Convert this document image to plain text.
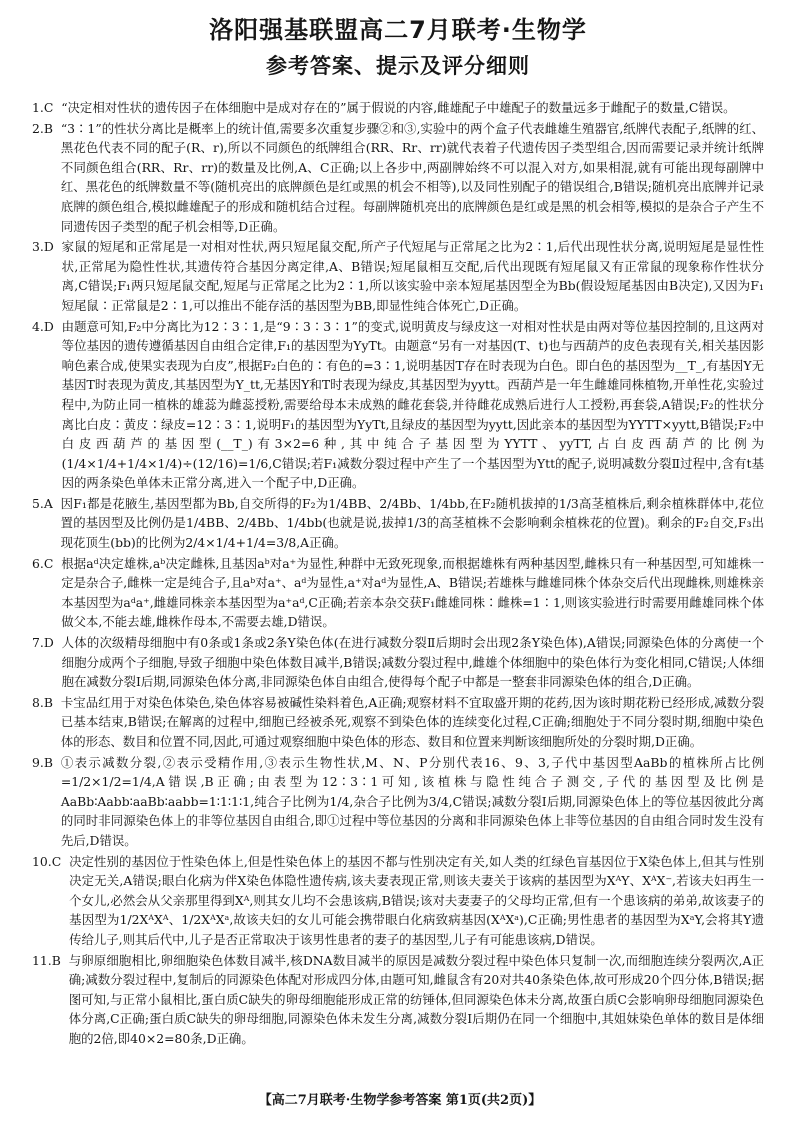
洛阳强基联盟高二7月联考·生物学
参考答案、提示及评分细则
1.C
“决定相对性状的遗传因子在体细胞中是成对存在的”属于假说的内容,雌雄配子中雄配子的数量远多于雌配子的数量,C错误。
2.B
“3∶1”的性状分离比是概率上的统计值,需要多次重复步骤②和③,实验中的两个盒子代表雌雄生殖器官,纸牌代表配子,纸牌的红、黑花色代表不同的配子(R、r),所以不同颜色的纸牌组合(RR、Rr、rr)就代表着子代遗传因子类型组合,因而需要记录并统计纸牌不同颜色组合(RR、Rr、rr)的数量及比例,A、C正确;以上各步中,两副牌始终不可以混入对方,如果相混,就有可能出现每副牌中红、黑花色的纸牌数量不等(随机亮出的底牌颜色是红或黑的机会不相等),以及同性别配子的错误组合,B错误;随机亮出底牌并记录底牌的颜色组合,模拟雌雄配子的形成和随机结合过程。每副牌随机亮出的底牌颜色是红或是黑的机会相等,模拟的是杂合子产生不同遗传因子类型的配子机会相等,D正确。
3.D
家鼠的短尾和正常尾是一对相对性状,两只短尾鼠交配,所产子代短尾与正常尾之比为2∶1,后代出现性状分离,说明短尾是显性性状,正常尾为隐性性状,其遗传符合基因分离定律,A、B错误;短尾鼠相互交配,后代出现既有短尾鼠又有正常鼠的现象称作性状分离,C错误;F₁两只短尾鼠交配,短尾与正常尾之比为2∶1,所以该实验中亲本短尾基因型全为Bb(假设短尾基因由B决定),又因为F₁短尾鼠∶正常鼠是2∶1,可以推出不能存活的基因型为BB,即显性纯合体死亡,D正确。
4.D
由题意可知,F₂中分离比为12∶3∶1,是“9∶3∶3∶1”的变式,说明黄皮与绿皮这一对相对性状是由两对等位基因控制的,且这两对等位基因的遗传遵循基因自由组合定律,F₁的基因型为YyTt。由题意“另有一对基因(T、t)也与西葫芦的皮色表现有关,相关基因影响色素合成,使果实表现为白皮”,根据F₂白色的∶有色的=3∶1,说明基因T存在时表现为白色。即白色的基因型为__T_,有基因Y无基因T时表现为黄皮,其基因型为Y_tt,无基因Y和T时表现为绿皮,其基因型为yytt。西葫芦是一年生雌雄同株植物,开单性花,实验过程中,为防止同一植株的雄蕊为雌蕊授粉,需要给母本未成熟的雌花套袋,并待雌花成熟后进行人工授粉,再套袋,A错误;F₂的性状分离比白皮∶黄皮∶绿皮=12∶3∶1,说明F₁的基因型为YyTt,且绿皮的基因型为yytt,因此亲本的基因型为YYTT×yytt,B错误;F₂中白皮西葫芦的基因型(__T_)有3×2=6种,其中纯合子基因型为YYTT、yyTT,占白皮西葫芦的比例为(1/4×1/4+1/4×1/4)÷(12/16)=1/6,C错误;若F₁减数分裂过程中产生了一个基因型为Ytt的配子,说明减数分裂Ⅱ过程中,含有t基因的两条染色单体未正常分离,进入一个配子中,D正确。
5.A
因F₁都是花腋生,基因型都为Bb,自交所得的F₂为1/4BB、2/4Bb、1/4bb,在F₂随机拔掉的1/3高茎植株后,剩余植株群体中,花位置的基因型及比例仍是1/4BB、2/4Bb、1/4bb(也就是说,拔掉1/3的高茎植株不会影响剩余植株花的位置)。剩余的F₂自交,F₃出现花顶生(bb)的比例为2/4×1/4+1/4=3/8,A正确。
6.C
根据aᵈ决定雄株,aᵇ决定雌株,且基因aᵇ对a⁺为显性,种群中无致死现象,而根据雄株有两种基因型,雌株只有一种基因型,可知雄株一定是杂合子,雌株一定是纯合子,且aᵇ对a⁺、aᵈ为显性,a⁺对aᵈ为显性,A、B错误;若雄株与雌雄同株个体杂交后代出现雌株,则雄株亲本基因型为aᵈa⁺,雌雄同株亲本基因型为a⁺aᵈ,C正确;若亲本杂交获F₁雌雄同株∶雌株=1∶1,则该实验进行时需要用雌雄同株个体做父本,不能去雄,雌株作母本,不需要去雄,D错误。
7.D
人体的次级精母细胞中有0条或1条或2条Y染色体(在进行减数分裂Ⅱ后期时会出现2条Y染色体),A错误;同源染色体的分离使一个细胞分成两个子细胞,导致子细胞中染色体数目减半,B错误;减数分裂过程中,雌雄个体细胞中的染色体行为变化相同,C错误;人体细胞在减数分裂Ⅰ后期,同源染色体分离,非同源染色体自由组合,使得每个配子中都是一整套非同源染色体的组合,D正确。
8.B
卡宝品红用于对染色体染色,染色体容易被碱性染料着色,A正确;观察材料不宜取盛开期的花药,因为该时期花粉已经形成,减数分裂已基本结束,B错误;在解离的过程中,细胞已经被杀死,观察不到染色体的连续变化过程,C正确;细胞处于不同分裂时期,细胞中染色体的形态、数目和位置不同,因此,可通过观察细胞中染色体的形态、数目和位置来判断该细胞所处的分裂时期,D正确。
9.B
①表示减数分裂,②表示受精作用,③表示生物性状,M、N、P分别代表16、9、3,子代中基因型AaBb的植株所占比例=1/2×1/2=1/4,A错误,B正确;由表型为12∶3∶1可知,该植株与隐性纯合子测交,子代的基因型及比例是AaBb∶Aabb∶aaBb∶aabb=1∶1∶1∶1,纯合子比例为1/4,杂合子比例为3/4,C错误;减数分裂Ⅰ后期,同源染色体上的等位基因彼此分离的同时非同源染色体上的非等位基因自由组合,即①过程中等位基因的分离和非同源染色体上非等位基因的自由组合同时发生没有先后,D错误。
10.C
决定性别的基因位于性染色体上,但是性染色体上的基因不都与性别决定有关,如人类的红绿色盲基因位于X染色体上,但其与性别决定无关,A错误;眼白化病为伴X染色体隐性遗传病,该夫妻表现正常,则该夫妻关于该病的基因型为XᴬY、XᴬX⁻,若该夫妇再生一个女儿,必然会从父亲那里得到Xᴬ,则其女儿均不会患该病,B错误;该对夫妻妻子的父母均正常,但有一个患该病的弟弟,故该妻子的基因型为1/2XᴬXᴬ、1/2XᴬXᵃ,故该夫妇的女儿可能会携带眼白化病致病基因(XᴬXᵃ),C正确;男性患者的基因型为XᵃY,会将其Y遗传给儿子,则其后代中,儿子是否正常取决于该男性患者的妻子的基因型,儿子有可能患该病,D错误。
11.B
与卵原细胞相比,卵细胞染色体数目减半,核DNA数目减半的原因是减数分裂过程中染色体只复制一次,而细胞连续分裂两次,A正确;减数分裂过程中,复制后的同源染色体配对形成四分体,由题可知,雌鼠含有20对共40条染色体,故可形成20个四分体,B错误;据图可知,与正常小鼠相比,蛋白质C缺失的卵母细胞能形成正常的纺锤体,但同源染色体未分离,故蛋白质C会影响卵母细胞同源染色体分离,C正确;蛋白质C缺失的卵母细胞,同源染色体未发生分离,减数分裂Ⅰ后期仍在同一个细胞中,其姐妹染色单体的数目是体细胞的2倍,即40×2=80条,D正确。
【高二7月联考·生物学参考答案 第1页(共2页)】
